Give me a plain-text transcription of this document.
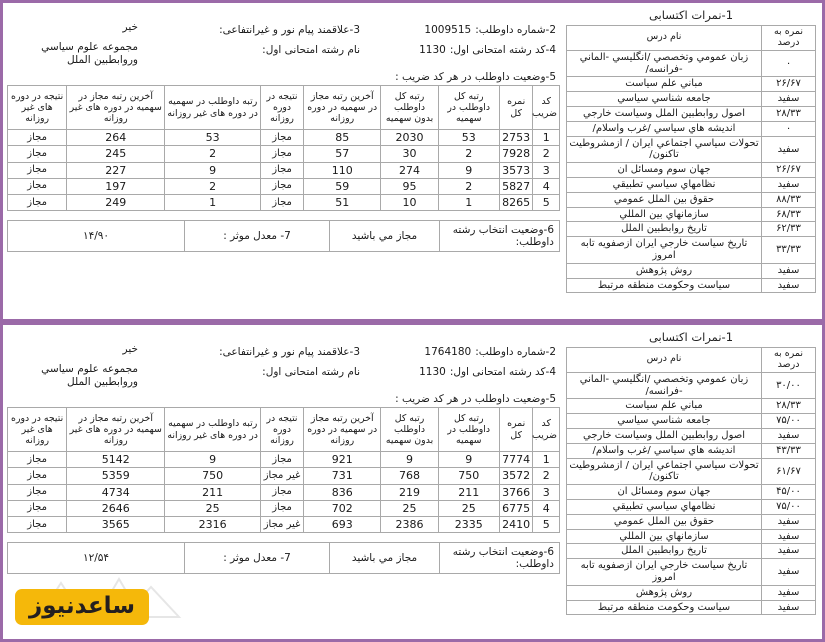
1-نمرات اکتسابی
نمره به درصد	نام درس
۰	زبان عمومي وتخصصي /انگليسي -الماني -فرانسه/
۲۶/۶۷	مباني علم سياست
سفید	جامعه شناسي سياسي
۲۸/۳۳	اصول روابطبين الملل وسياست خارجي
۰	انديشه هاي سياسي /غرب واسلام/
سفید	تحولات سياسي اجتماعي ايران / ازمشروطيت تاكنون/
۲۶/۶۷	جهان سوم ومسائل ان
سفید	نظامهاي سياسي تطبيقي
۸۸/۳۳	حقوق بين الملل عمومي
۶۸/۳۳	سازمانهاي بين المللي
۶۲/۳۳	تاريخ روابطبين الملل
۳۳/۳۳	تاريخ سياست خارجي ايران ازصفويه تابه امروز
سفید	روش پژوهش
سفید	سياست وحكومت منطقه مرتبط
2-شماره داوطلب:
1009515
3-علاقمند پیام نور و غیرانتفاعی:
خیر
4-کد رشته امتحانی اول:
1130
نام رشته امتحانی اول:
مجموعه علوم سیاسي وروابطبین الملل
5-وضعیت داوطلب در هر کد ضریب :
کد ضریب	نمره کل	رتبه کل داوطلب در سهمیه	رتبه کل داوطلب بدون سهمیه	آخرین رتبه مجاز در سهمیه در دوره روزانه	نتیجه در دوره روزانه	رتبه داوطلب در سهمیه در دوره های غیر روزانه	آخرین رتبه مجاز در سهمیه در دوره های غیر روزانه	نتیجه در دوره های غیر روزانه
1	2753	53	2030	85	مجاز	53	264	مجاز
2	7928	2	30	57	مجاز	2	245	مجاز
3	3573	9	274	110	مجاز	9	227	مجاز
4	5827	2	95	59	مجاز	2	197	مجاز
5	8265	1	10	51	مجاز	1	249	مجاز
6-وضعیت انتخاب رشته داوطلب:	مجاز مي باشید	7- معدل موثر :	۱۴/۹۰
1-نمرات اکتسابی
نمره به درصد	نام درس
۳۰/۰۰	زبان عمومي وتخصصي /انگليسي -الماني -فرانسه/
۲۸/۳۳	مباني علم سياست
۷۵/۰۰	جامعه شناسي سياسي
سفید	اصول روابطبين الملل وسياست خارجي
۴۳/۳۳	انديشه هاي سياسي /غرب واسلام/
۶۱/۶۷	تحولات سياسي اجتماعي ايران / ازمشروطيت تاكنون/
۴۵/۰۰	جهان سوم ومسائل ان
۷۵/۰۰	نظامهاي سياسي تطبيقي
سفید	حقوق بين الملل عمومي
سفید	سازمانهاي بين المللي
سفید	تاريخ روابطبين الملل
سفید	تاريخ سياست خارجي ايران ازصفويه تابه امروز
سفید	روش پژوهش
سفید	سياست وحكومت منطقه مرتبط
2-شماره داوطلب:
1764180
3-علاقمند پیام نور و غیرانتفاعی:
خیر
4-کد رشته امتحانی اول:
1130
نام رشته امتحانی اول:
مجموعه علوم سیاسي وروابطبین الملل
5-وضعیت داوطلب در هر کد ضریب :
کد ضریب	نمره کل	رتبه کل داوطلب در سهمیه	رتبه کل داوطلب بدون سهمیه	آخرین رتبه مجاز در سهمیه در دوره روزانه	نتیجه در دوره روزانه	رتبه داوطلب در سهمیه در دوره های غیر روزانه	آخرین رتبه مجاز در سهمیه در دوره های غیر روزانه	نتیجه در دوره های غیر روزانه
1	7774	9	9	921	مجاز	9	5142	مجاز
2	3572	750	768	731	غیر مجاز	750	5359	مجاز
3	3766	211	219	836	مجاز	211	4734	مجاز
4	6775	25	25	702	مجاز	25	2646	مجاز
5	2410	2335	2386	693	غیر مجاز	2316	3565	مجاز
6-وضعیت انتخاب رشته داوطلب:	مجاز مي باشید	7- معدل موثر :	۱۲/۵۴
ساعدنیوز
